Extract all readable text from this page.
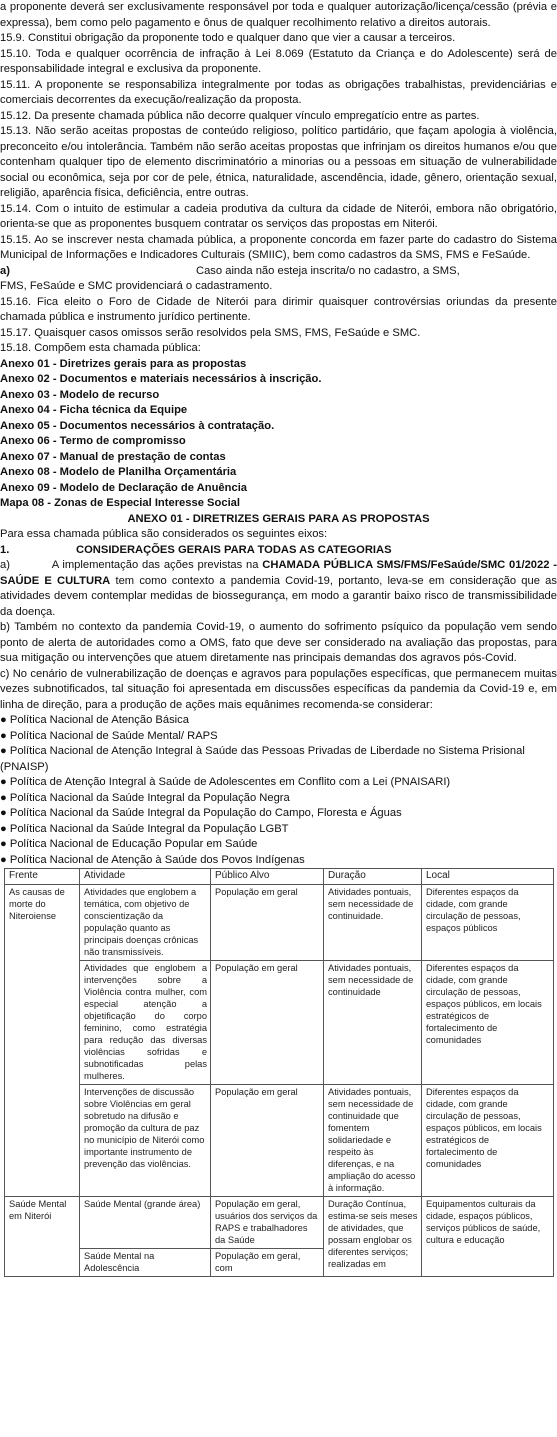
a proponente deverá ser exclusivamente responsável por toda e qualquer autorização/licença/cessão (prévia e expressa), bem como pelo pagamento e ônus de qualquer recolhimento relativo a direitos autorais.

15.9. Constitui obrigação da proponente todo e qualquer dano que vier a causar a terceiros.

15.10. Toda e qualquer ocorrência de infração à Lei 8.069 (Estatuto da Criança e do Adolescente) será de responsabilidade integral e exclusiva da proponente.

15.11. A proponente se responsabiliza integralmente por todas as obrigações trabalhistas, previdenciárias e comerciais decorrentes da execução/realização da proposta.

15.12. Da presente chamada pública não decorre qualquer vínculo empregatício entre as partes.

15.13. Não serão aceitas propostas de conteúdo religioso, político partidário, que façam apologia à violência, preconceito e/ou intolerância. Também não serão aceitas propostas que infrinjam os direitos humanos e/ou que contenham qualquer tipo de elemento discriminatório a minorias ou a pessoas em situação de vulnerabilidade social ou econômica, seja por cor de pele, étnica, naturalidade, ascendência, idade, gênero, orientação sexual, religião, aparência física, deficiência, entre outras.

15.14. Com o intuito de estimular a cadeia produtiva da cultura da cidade de Niterói, embora não obrigatório, orienta-se que as proponentes busquem contratar os serviços das propostas em Niterói.

15.15. Ao se inscrever nesta chamada pública, a proponente concorda em fazer parte do cadastro do Sistema Municipal de Informações e Indicadores Culturais (SMIIC), bem como cadastros da SMS, FMS e FeSaúde.

a)	Caso ainda não esteja inscrita/o no cadastro, a SMS,

FMS, FeSaúde e SMC providenciará o cadastramento.

15.16. Fica eleito o Foro de Cidade de Niterói para dirimir quaisquer controvérsias oriundas da presente chamada pública e instrumento jurídico pertinente.

15.17. Quaisquer casos omissos serão resolvidos pela SMS, FMS, FeSaúde e SMC.

15.18. Compõem esta chamada pública:

Anexo 01 - Diretrizes gerais para as propostas

Anexo 02 - Documentos e materiais necessários à inscrição.

Anexo 03 - Modelo de recurso

Anexo 04 - Ficha técnica da Equipe

Anexo 05 - Documentos necessários à contratação.

Anexo 06 - Termo de compromisso

Anexo 07 - Manual de prestação de contas

Anexo 08 - Modelo de Planilha Orçamentária

Anexo 09 - Modelo de Declaração de Anuência

Mapa 08 - Zonas de Especial Interesse Social

ANEXO 01 - DIRETRIZES GERAIS PARA AS PROPOSTAS

Para essa chamada pública são considerados os seguintes eixos:

1.	CONSIDERAÇÕES GERAIS PARA TODAS AS CATEGORIAS

a)           A implementação das ações previstas na CHAMADA PÚBLICA SMS/FMS/FeSaúde/SMC 01/2022 - SAÚDE E CULTURA tem como contexto a pandemia Covid-19, portanto, leva-se em consideração que as atividades devem contemplar medidas de biossegurança, em modo a garantir baixo risco de transmissibilidade da doença.

b) Também no contexto da pandemia Covid-19, o aumento do sofrimento psíquico da população vem sendo ponto de alerta de autoridades como a OMS, fato que deve ser considerado na avaliação das propostas, para sua mitigação ou intervenções que atuem diretamente nas principais demandas dos agravos pós-Covid.

c) No cenário de vulnerabilização de doenças e agravos para populações específicas, que permanecem muitas vezes subnotificados, tal situação foi apresentada em discussões específicas da pandemia da Covid-19 e, em linha de direção, para a produção de ações mais equânimes recomenda-se considerar:

● Política Nacional de Atenção Básica
● Política Nacional de Saúde Mental/ RAPS
● Política Nacional de Atenção Integral à Saúde das Pessoas Privadas de Liberdade no Sistema Prisional (PNAISP)
● Política de Atenção Integral à Saúde de Adolescentes em Conflito com a Lei (PNAISARI)
● Política Nacional da Saúde Integral da População Negra
● Política Nacional da Saúde Integral da População do Campo, Floresta e Águas
● Política Nacional da Saúde Integral da População LGBT
● Política Nacional de Educação Popular em Saúde
● Política Nacional de Atenção à Saúde dos Povos Indígenas
Frente	Atividade	Público Alvo	Duração	Local
As causas de morte do Niteroiense	Atividades que englobem a temática, com objetivo de conscientização da população quanto as principais doenças crônicas não transmissíveis.	População em geral	Atividades pontuais, sem necessidade de continuidade.	Diferentes espaços da cidade, com grande circulação de pessoas, espaços públicos
	Atividades que englobem a intervenções sobre a Violência contra mulher, com especial atenção a objetificação do corpo feminino, como estratégia para redução das diversas violências sofridas e subnotificadas pelas mulheres.	População em geral	Atividades pontuais, sem necessidade de continuidade	Diferentes espaços da cidade, com grande circulação de pessoas, espaços públicos, em locais estratégicos de fortalecimento de comunidades
	Intervenções de discussão sobre Violências em geral sobretudo na difusão e promoção da cultura de paz no município de Niterói como importante instrumento de prevenção das violências.	População em geral	Atividades pontuais, sem necessidade de continuidade que fomentem solidariedade e respeito às diferenças, e na ampliação do acesso à informação.	Diferentes espaços da cidade, com grande circulação de pessoas, espaços públicos, em locais estratégicos de fortalecimento de comunidades
Saúde Mental em Niterói	Saúde Mental (grande área)	População em geral, usuários dos serviços da RAPS e trabalhadores da Saúde	Duração Contínua, estima-se seis meses de atividades, que possam englobar os diferentes serviços; realizadas em	Equipamentos culturais da cidade, espaços públicos, serviços públicos de saúde, cultura e educação
	Saúde Mental na Adolescência	População em geral, com		
